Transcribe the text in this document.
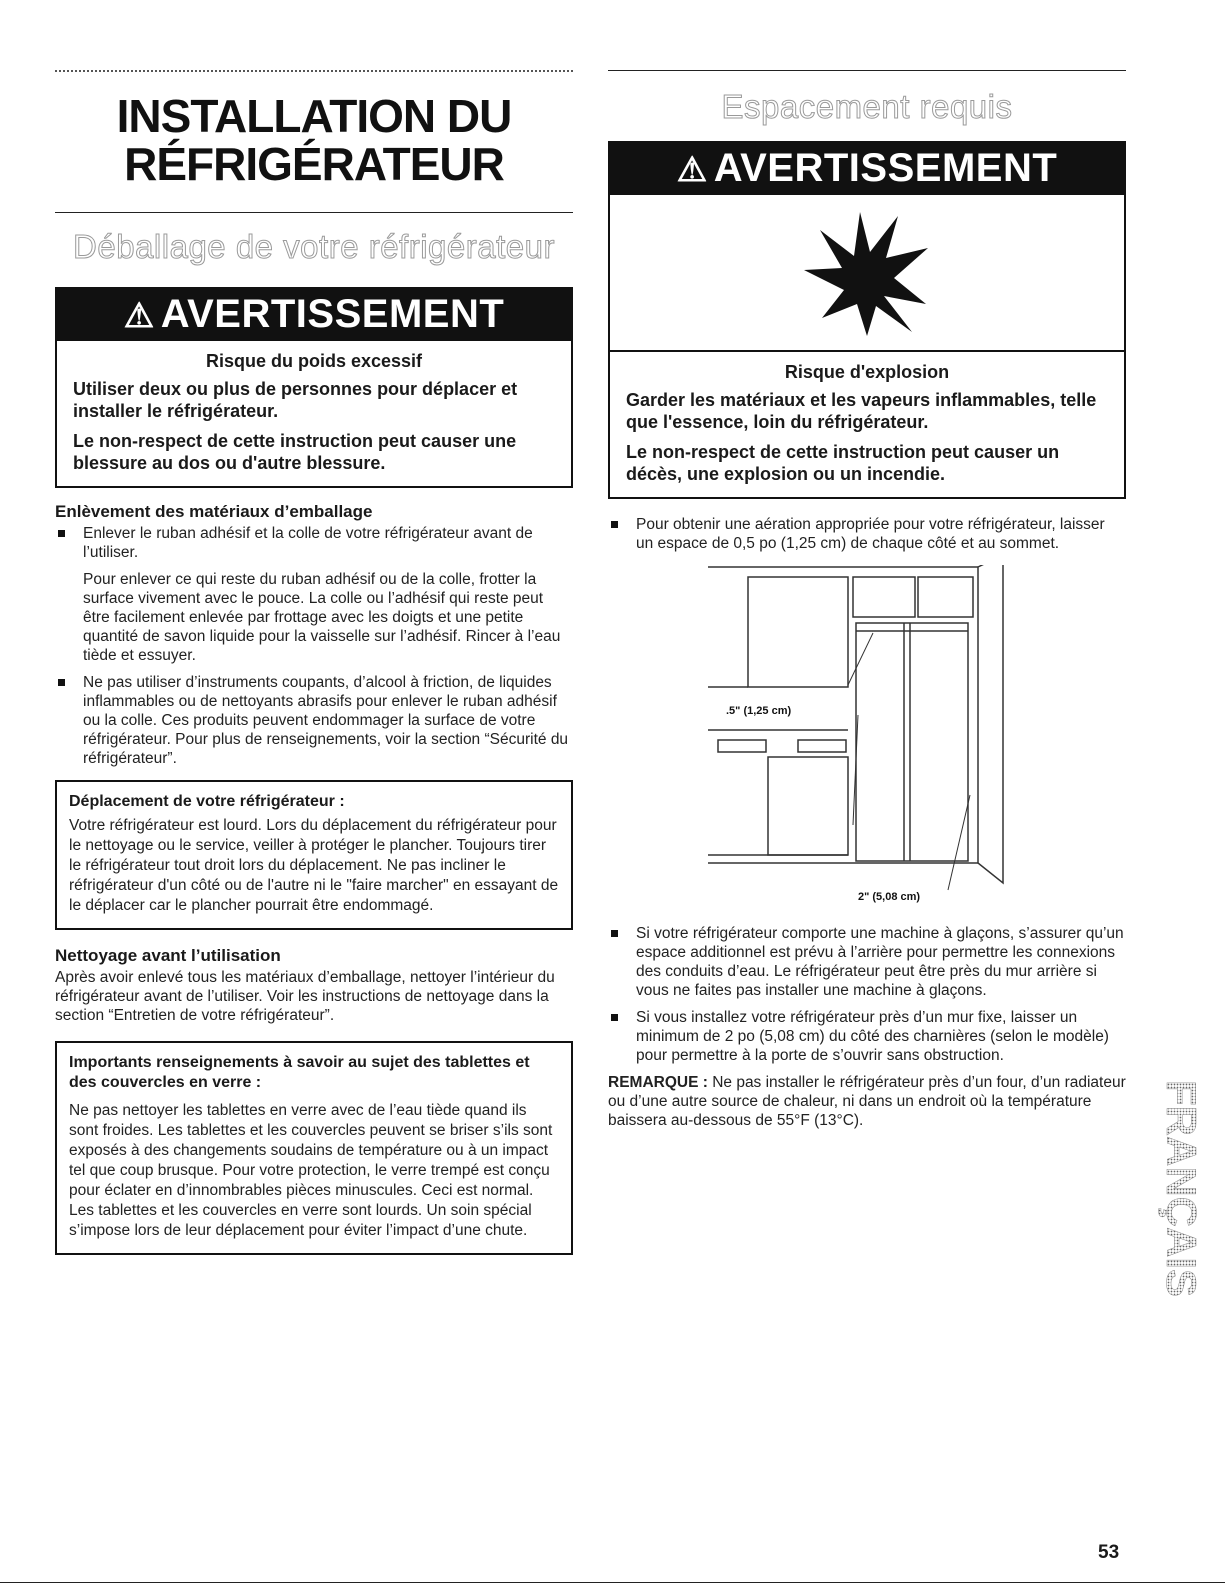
INSTALLATION DU
RÉFRIGÉRATEUR
Déballage de votre réfrigérateur
⚠ AVERTISSEMENT
Risque du poids excessif
Utiliser deux ou plus de personnes pour déplacer et installer le réfrigérateur.
Le non-respect de cette instruction peut causer une blessure au dos ou d'autre blessure.
Enlèvement des matériaux d’emballage
Enlever le ruban adhésif et la colle de votre réfrigérateur avant de l’utiliser.
Pour enlever ce qui reste du ruban adhésif ou de la colle, frotter la surface vivement avec le pouce. La colle ou l’adhésif qui reste peut être facilement enlevée par frottage avec les doigts et une petite quantité de savon liquide pour la vaisselle sur l’adhésif. Rincer à l’eau tiède et essuyer.
Ne pas utiliser d’instruments coupants, d’alcool à friction, de liquides inflammables ou de nettoyants abrasifs pour enlever le ruban adhésif ou la colle. Ces produits peuvent endommager la surface de votre réfrigérateur. Pour plus de renseignements, voir la section “Sécurité du réfrigérateur”.
Déplacement de votre réfrigérateur :
Votre réfrigérateur est lourd. Lors du déplacement du réfrigérateur pour le nettoyage ou le service, veiller à protéger le plancher. Toujours tirer le réfrigérateur tout droit lors du déplacement. Ne pas incliner le réfrigérateur d'un côté ou de l'autre ni le "faire marcher" en essayant de le déplacer car le plancher pourrait être endommagé.
Nettoyage avant l’utilisation
Après avoir enlevé tous les matériaux d’emballage, nettoyer l’intérieur du réfrigérateur avant de l’utiliser. Voir les instructions de nettoyage dans la section “Entretien de votre réfrigérateur”.
Importants renseignements à savoir au sujet des tablettes et des couvercles en verre :
Ne pas nettoyer les tablettes en verre avec de l’eau tiède quand ils sont froides. Les tablettes et les couvercles peuvent se briser s’ils sont exposés à des changements soudains de température ou à un impact tel que coup brusque. Pour votre protection, le verre trempé est conçu pour éclater en d’innombrables pièces minuscules. Ceci est normal. Les tablettes et les couvercles en verre sont lourds. Un soin spécial s’impose lors de leur déplacement pour éviter l’impact d’une chute.
Espacement requis
⚠ AVERTISSEMENT
Risque d'explosion
Garder les matériaux et les vapeurs inflammables, telle que l'essence, loin du réfrigérateur.
Le non-respect de cette instruction peut causer un décès, une explosion ou un incendie.
Pour obtenir une aération appropriée pour votre réfrigérateur, laisser un espace de 0,5 po (1,25 cm) de chaque côté et au sommet.
.5" (1,25 cm)
2" (5,08 cm)
Si votre réfrigérateur comporte une machine à glaçons, s’assurer qu’un espace additionnel est prévu à l’arrière pour permettre les connexions des conduits d’eau. Le réfrigérateur peut être près du mur arrière si vous ne faites pas installer une machine à glaçons.
Si vous installez votre réfrigérateur près d’un mur fixe, laisser un minimum de 2 po (5,08 cm) du côté des charnières (selon le modèle) pour permettre à la porte de s’ouvrir sans obstruction.
REMARQUE : Ne pas installer le réfrigérateur près d’un four, d’un radiateur ou d’une autre source de chaleur, ni dans un endroit où la température baissera au-dessous de 55°F (13°C).	FRANÇAIS
53
